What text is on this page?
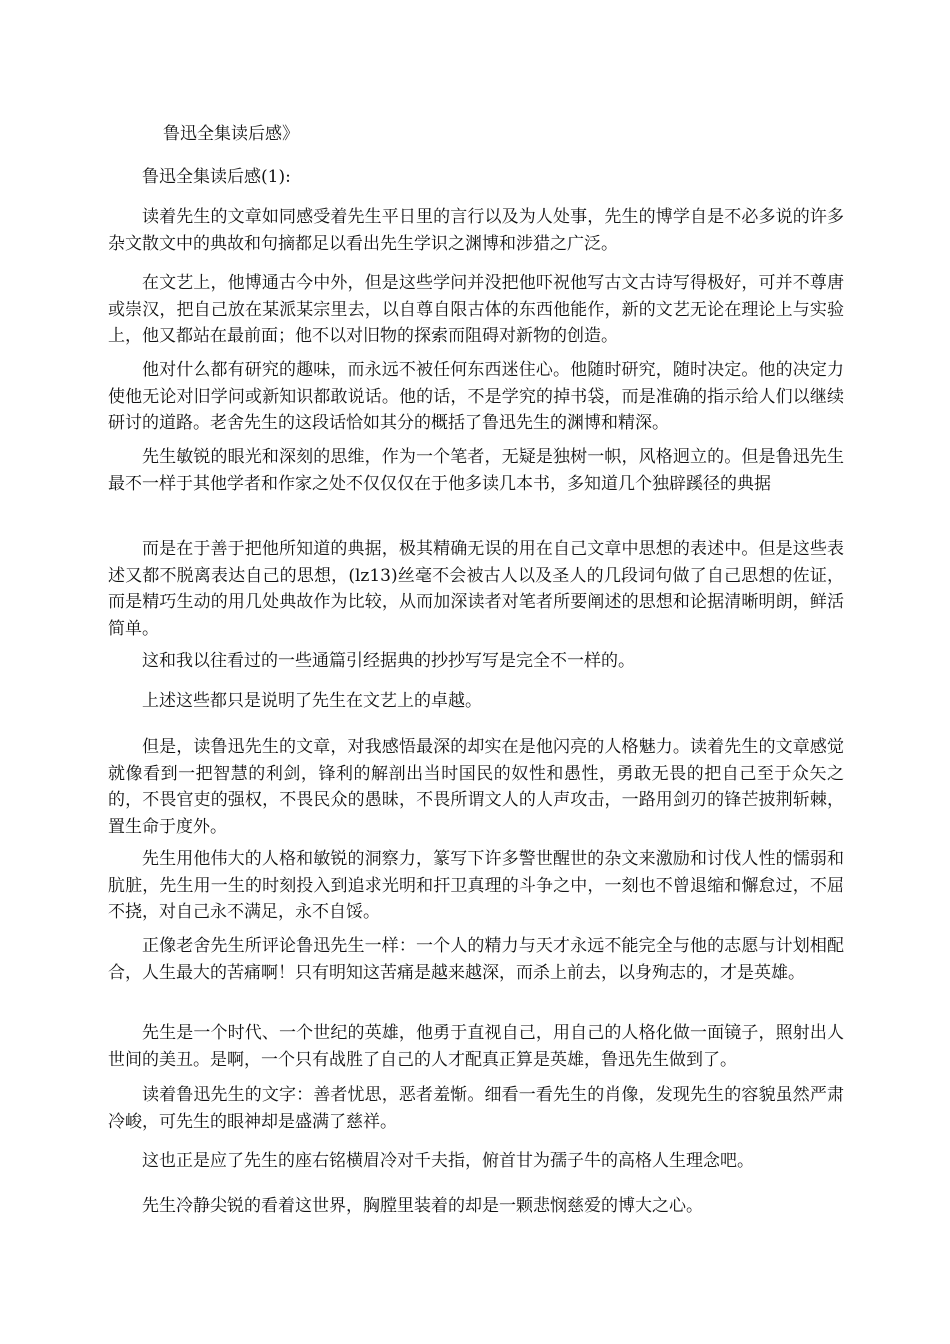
鲁迅全集读后感》

鲁迅全集读后感(1):

读着先生的文章如同感受着先生平日里的言行以及为人处事，先生的博学自是不必多说的许多杂文散文中的典故和句摘都足以看出先生学识之渊博和涉猎之广泛。

在文艺上，他博通古今中外，但是这些学问并没把他吓祝他写古文古诗写得极好，可并不尊唐或崇汉，把自己放在某派某宗里去，以自尊自限古体的东西他能作，新的文艺无论在理论上与实验上，他又都站在最前面；他不以对旧物的探索而阻碍对新物的创造。

他对什么都有研究的趣味，而永远不被任何东西迷住心。他随时研究，随时决定。他的决定力使他无论对旧学问或新知识都敢说话。他的话，不是学究的掉书袋，而是准确的指示给人们以继续研讨的道路。老舍先生的这段话恰如其分的概括了鲁迅先生的渊博和精深。

先生敏锐的眼光和深刻的思维，作为一个笔者，无疑是独树一帜，风格迥立的。但是鲁迅先生最不一样于其他学者和作家之处不仅仅仅在于他多读几本书，多知道几个独辟蹊径的典据

而是在于善于把他所知道的典据，极其精确无误的用在自己文章中思想的表述中。但是这些表述又都不脱离表达自己的思想，(lz13)丝毫不会被古人以及圣人的几段词句做了自己思想的佐证，而是精巧生动的用几处典故作为比较，从而加深读者对笔者所要阐述的思想和论据清晰明朗，鲜活简单。

这和我以往看过的一些通篇引经据典的抄抄写写是完全不一样的。

上述这些都只是说明了先生在文艺上的卓越。

但是，读鲁迅先生的文章，对我感悟最深的却实在是他闪亮的人格魅力。读着先生的文章感觉就像看到一把智慧的利剑，锋利的解剖出当时国民的奴性和愚性，勇敢无畏的把自己至于众矢之的，不畏官吏的强权，不畏民众的愚昧，不畏所谓文人的人声攻击，一路用剑刃的锋芒披荆斩棘，置生命于度外。

先生用他伟大的人格和敏锐的洞察力，篆写下许多警世醒世的杂文来激励和讨伐人性的懦弱和肮脏，先生用一生的时刻投入到追求光明和扞卫真理的斗争之中，一刻也不曾退缩和懈怠过，不屈不挠，对自己永不满足，永不自馁。

正像老舍先生所评论鲁迅先生一样：一个人的精力与天才永远不能完全与他的志愿与计划相配合，人生最大的苦痛啊！只有明知这苦痛是越来越深，而杀上前去，以身殉志的，才是英雄。

先生是一个时代、一个世纪的英雄，他勇于直视自己，用自己的人格化做一面镜子，照射出人世间的美丑。是啊，一个只有战胜了自己的人才配真正算是英雄，鲁迅先生做到了。

读着鲁迅先生的文字：善者忧思，恶者羞惭。细看一看先生的肖像，发现先生的容貌虽然严肃冷峻，可先生的眼神却是盛满了慈祥。

这也正是应了先生的座右铭横眉冷对千夫指，俯首甘为孺子牛的高格人生理念吧。

先生冷静尖锐的看着这世界，胸膛里装着的却是一颗悲悯慈爱的博大之心。
